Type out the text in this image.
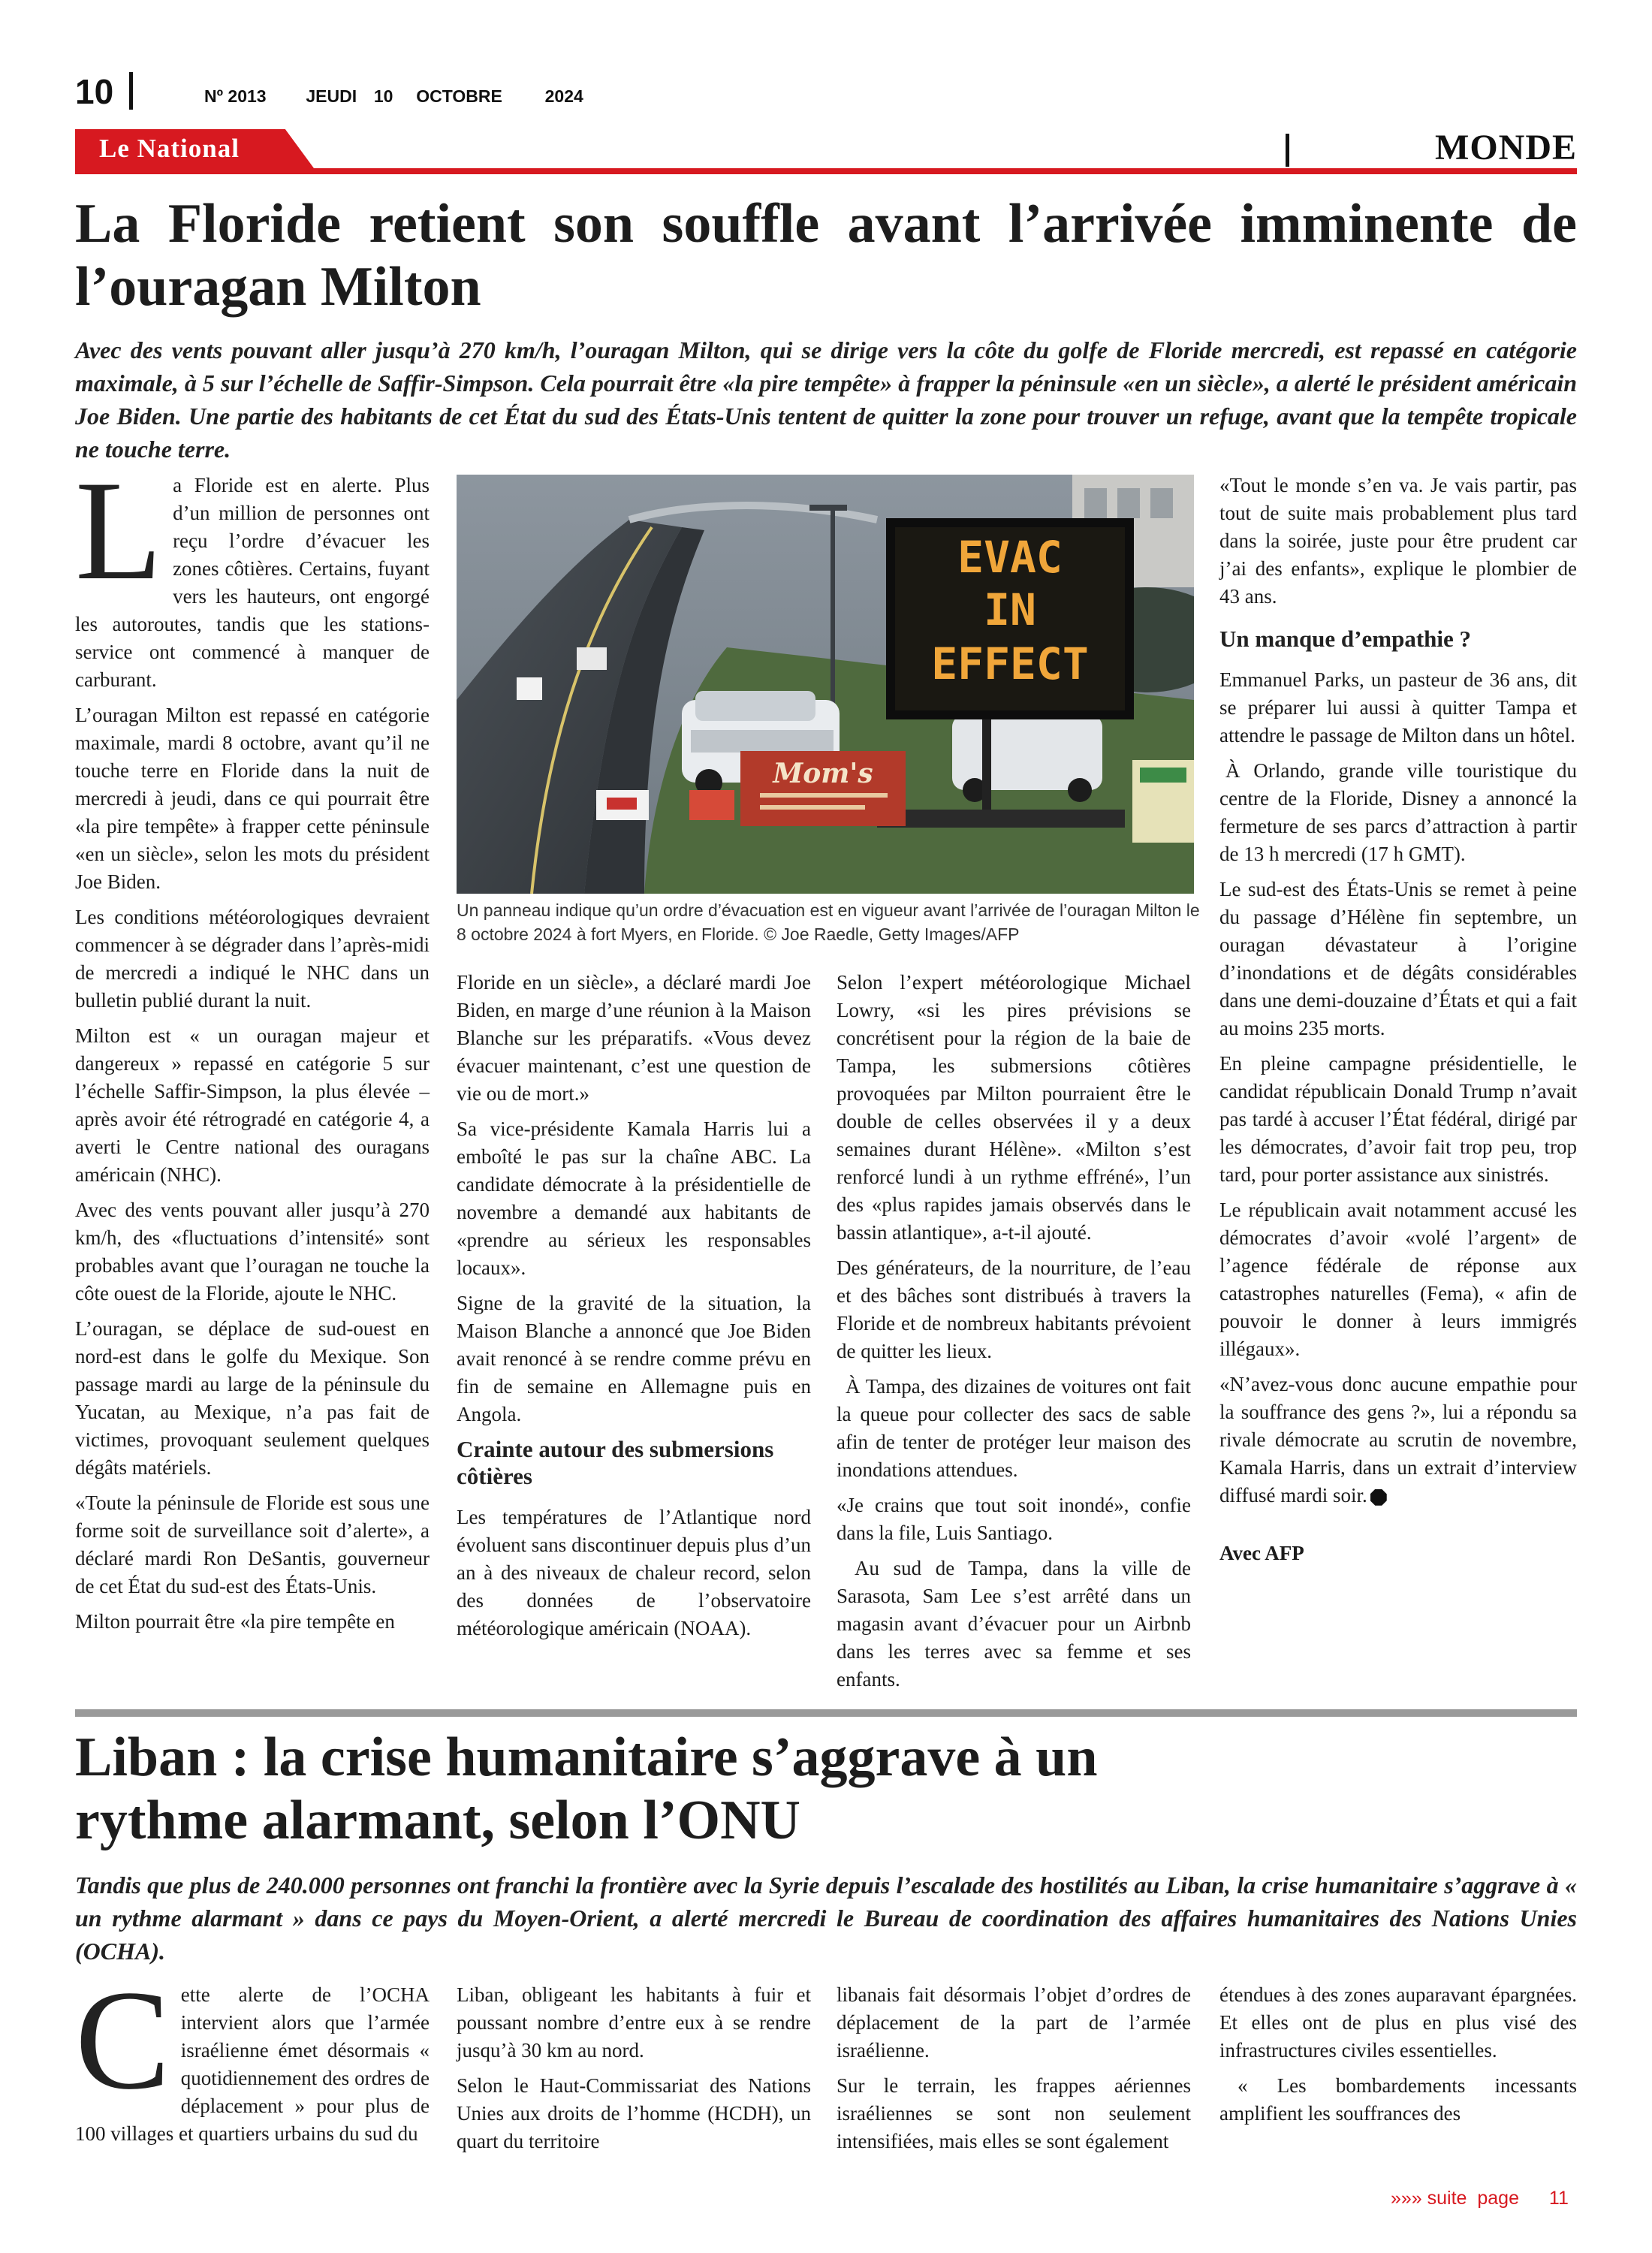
10	Nº 2013 JEUDI 10 OCTOBRE 2024
Le National	MONDE
La Floride retient son souffle avant l’arrivée imminente de l’ouragan Milton
Avec des vents pouvant aller jusqu’à 270 km/h, l’ouragan Milton, qui se dirige vers la côte du golfe de Floride mercredi, est repassé en catégorie maximale, à 5 sur l’échelle de Saffir-Simpson. Cela pourrait être «la pire tempête» à frapper la péninsule «en un siècle», a alerté le président américain Joe Biden. Une partie des habitants de cet État du sud des États-Unis tentent de quitter la zone pour trouver un refuge, avant que la tempête tropicale ne touche terre.

La Floride est en alerte. Plus d’un million de personnes ont reçu l’ordre d’évacuer les zones côtières. Certains, fuyant vers les hauteurs, ont engorgé les autoroutes, tandis que les stations-service ont commencé à manquer de carburant.

L’ouragan Milton est repassé en catégorie maximale, mardi 8 octobre, avant qu’il ne touche terre en Floride dans la nuit de mercredi à jeudi, dans ce qui pourrait être «la pire tempête» à frapper cette péninsule «en un siècle», selon les mots du président Joe Biden.

Les conditions météorologiques devraient commencer à se dégrader dans l’après-midi de mercredi a indiqué le NHC dans un bulletin publié durant la nuit.

Milton est « un ouragan majeur et dangereux » repassé en catégorie 5 sur l’échelle Saffir-Simpson, la plus élevée – après avoir été rétrogradé en catégorie 4, a averti le Centre national des ouragans américain (NHC).

Avec des vents pouvant aller jusqu’à 270 km/h, des «fluctuations d’intensité» sont probables avant que l’ouragan ne touche la côte ouest de la Floride, ajoute le NHC.

L’ouragan, se déplace de sud-ouest en nord-est dans le golfe du Mexique. Son passage mardi au large de la péninsule du Yucatan, au Mexique, n’a pas fait de victimes, provoquant seulement quelques dégâts matériels.

«Toute la péninsule de Floride est sous une forme soit de surveillance soit d’alerte», a déclaré mardi Ron DeSantis, gouverneur de cet État du sud-est des États-Unis.

Milton pourrait être «la pire tempête en

EVAC
IN
EFFECT
Mom's
Un panneau indique qu’un ordre d’évacuation est en vigueur avant l’arrivée de l’ouragan Milton le 8 octobre 2024 à fort Myers, en Floride. © Joe Raedle, Getty Images/AFP

Floride en un siècle», a déclaré mardi Joe Biden, en marge d’une réunion à la Maison Blanche sur les préparatifs. «Vous devez évacuer maintenant, c’est une question de vie ou de mort.»

Sa vice-présidente Kamala Harris lui a emboîté le pas sur la chaîne ABC. La candidate démocrate à la présidentielle de novembre a demandé aux habitants de «prendre au sérieux les responsables locaux».

Signe de la gravité de la situation, la Maison Blanche a annoncé que Joe Biden avait renoncé à se rendre comme prévu en fin de semaine en Allemagne puis en Angola.

Crainte autour des submersions côtières

Les températures de l’Atlantique nord évoluent sans discontinuer depuis plus d’un an à des niveaux de chaleur record, selon des données de l’observatoire météorologique américain (NOAA).

Selon l’expert météorologique Michael Lowry, «si les pires prévisions se concrétisent pour la région de la baie de Tampa, les submersions côtières provoquées par Milton pourraient être le double de celles observées il y a deux semaines durant Hélène». «Milton s’est renforcé lundi à un rythme effréné», l’un des «plus rapides jamais observés dans le bassin atlantique», a-t-il ajouté.

Des générateurs, de la nourriture, de l’eau et des bâches sont distribués à travers la Floride et de nombreux habitants prévoient de quitter les lieux.

À Tampa, des dizaines de voitures ont fait la queue pour collecter des sacs de sable afin de tenter de protéger leur maison des inondations attendues.

«Je crains que tout soit inondé», confie dans la file, Luis Santiago.

Au sud de Tampa, dans la ville de Sarasota, Sam Lee s’est arrêté dans un magasin avant d’évacuer pour un Airbnb dans les terres avec sa femme et ses enfants.

«Tout le monde s’en va. Je vais partir, pas tout de suite mais probablement plus tard dans la soirée, juste pour être prudent car j’ai des enfants», explique le plombier de 43 ans.

Un manque d’empathie ?

Emmanuel Parks, un pasteur de 36 ans, dit se préparer lui aussi à quitter Tampa et attendre le passage de Milton dans un hôtel.

À Orlando, grande ville touristique du centre de la Floride, Disney a annoncé la fermeture de ses parcs d’attraction à partir de 13 h mercredi (17 h GMT).

Le sud-est des États-Unis se remet à peine du passage d’Hélène fin septembre, un ouragan dévastateur à l’origine d’inondations et de dégâts considérables dans une demi-douzaine d’États et qui a fait au moins 235 morts.

En pleine campagne présidentielle, le candidat républicain Donald Trump n’avait pas tardé à accuser l’État fédéral, dirigé par les démocrates, d’avoir fait trop peu, trop tard, pour porter assistance aux sinistrés.

Le républicain avait notamment accusé les démocrates d’avoir «volé l’argent» de l’agence fédérale de réponse aux catastrophes naturelles (Fema), « afin de pouvoir le donner à leurs immigrés illégaux».

«N’avez-vous donc aucune empathie pour la souffrance des gens ?», lui a répondu sa rivale démocrate au scrutin de novembre, Kamala Harris, dans un extrait d’interview diffusé mardi soir.

Avec AFP

Liban : la crise humanitaire s’aggrave à un rythme alarmant, selon l’ONU
Tandis que plus de 240.000 personnes ont franchi la frontière avec la Syrie depuis l’escalade des hostilités au Liban, la crise humanitaire s’aggrave à « un rythme alarmant » dans ce pays du Moyen-Orient, a alerté mercredi le Bureau de coordination des affaires humanitaires des Nations Unies (OCHA).

Cette alerte de l’OCHA intervient alors que l’armée israélienne émet désormais « quotidiennement des ordres de déplacement » pour plus de 100 villages et quartiers urbains du sud du

Liban, obligeant les habitants à fuir et poussant nombre d’entre eux à se rendre jusqu’à 30 km au nord.

Selon le Haut-Commissariat des Nations Unies aux droits de l’homme (HCDH), un quart du territoire

libanais fait désormais l’objet d’ordres de déplacement de la part de l’armée israélienne.

Sur le terrain, les frappes aériennes israéliennes se sont non seulement intensifiées, mais elles se sont également

étendues à des zones auparavant épargnées. Et elles ont de plus en plus visé des infrastructures civiles essentielles.

« Les bombardements incessants amplifient les souffrances des

»»» suite  page 11
